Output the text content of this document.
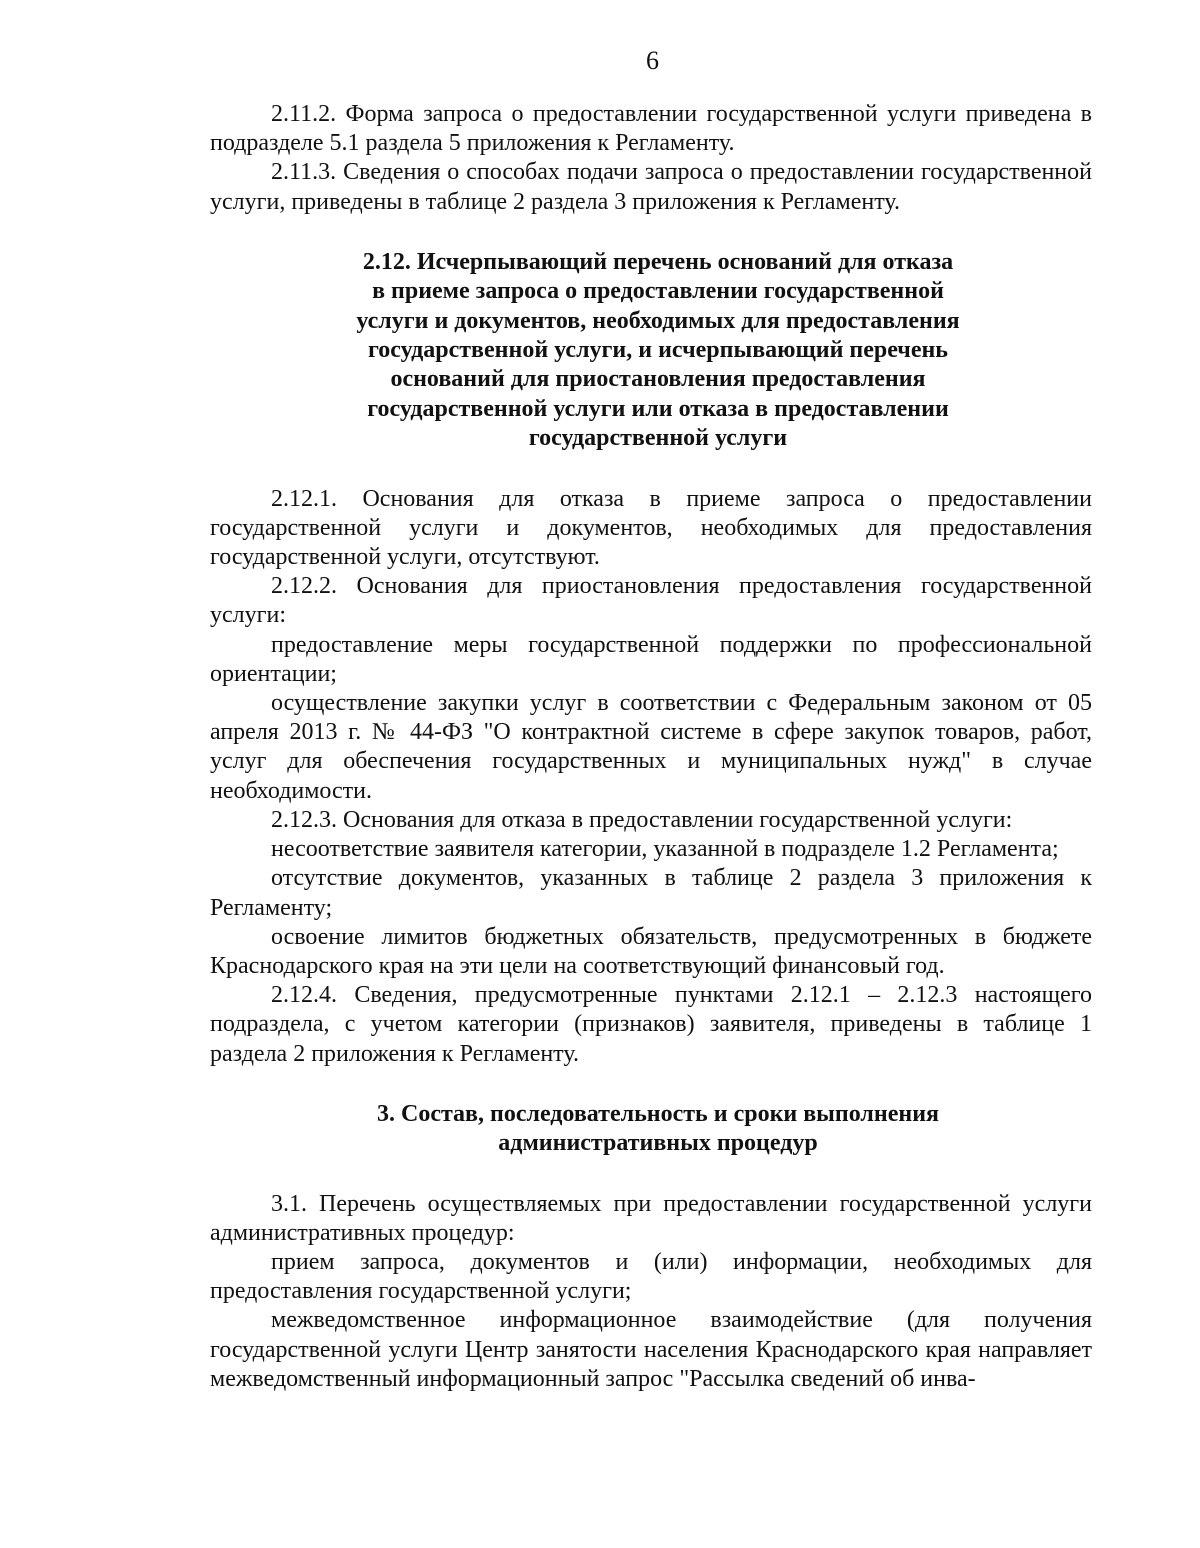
6

2.11.2. Форма запроса о предоставлении государственной услуги приведена в подразделе 5.1 раздела 5 приложения к Регламенту.

2.11.3. Сведения о способах подачи запроса о предоставлении государственной услуги, приведены в таблице 2 раздела 3 приложения к Регламенту.

2.12. Исчерпывающий перечень оснований для отказа
в приеме запроса о предоставлении государственной
услуги и документов, необходимых для предоставления
государственной услуги, и исчерпывающий перечень
оснований для приостановления предоставления
государственной услуги или отказа в предоставлении
государственной услуги

2.12.1. Основания для отказа в приеме запроса о предоставлении государственной услуги и документов, необходимых для предоставления государственной услуги, отсутствуют.

2.12.2. Основания для приостановления предоставления государственной услуги:

предоставление меры государственной поддержки по профессиональной ориентации;

осуществление закупки услуг в соответствии с Федеральным законом от 05 апреля 2013 г. № 44-ФЗ "О контрактной системе в сфере закупок товаров, работ, услуг для обеспечения государственных и муниципальных нужд" в случае необходимости.

2.12.3. Основания для отказа в предоставлении государственной услуги:

несоответствие заявителя категории, указанной в подразделе 1.2 Регламента;

отсутствие документов, указанных в таблице 2 раздела 3 приложения к Регламенту;

освоение лимитов бюджетных обязательств, предусмотренных в бюджете Краснодарского края на эти цели на соответствующий финансовый год.

2.12.4. Сведения, предусмотренные пунктами 2.12.1 – 2.12.3 настоящего подраздела, с учетом категории (признаков) заявителя, приведены в таблице 1 раздела 2 приложения к Регламенту.

3. Состав, последовательность и сроки выполнения
административных процедур

3.1. Перечень осуществляемых при предоставлении государственной услуги административных процедур:

прием запроса, документов и (или) информации, необходимых для предоставления государственной услуги;

межведомственное информационное взаимодействие (для получения государственной услуги Центр занятости населения Краснодарского края направляет межведомственный информационный запрос "Рассылка сведений об инва-
